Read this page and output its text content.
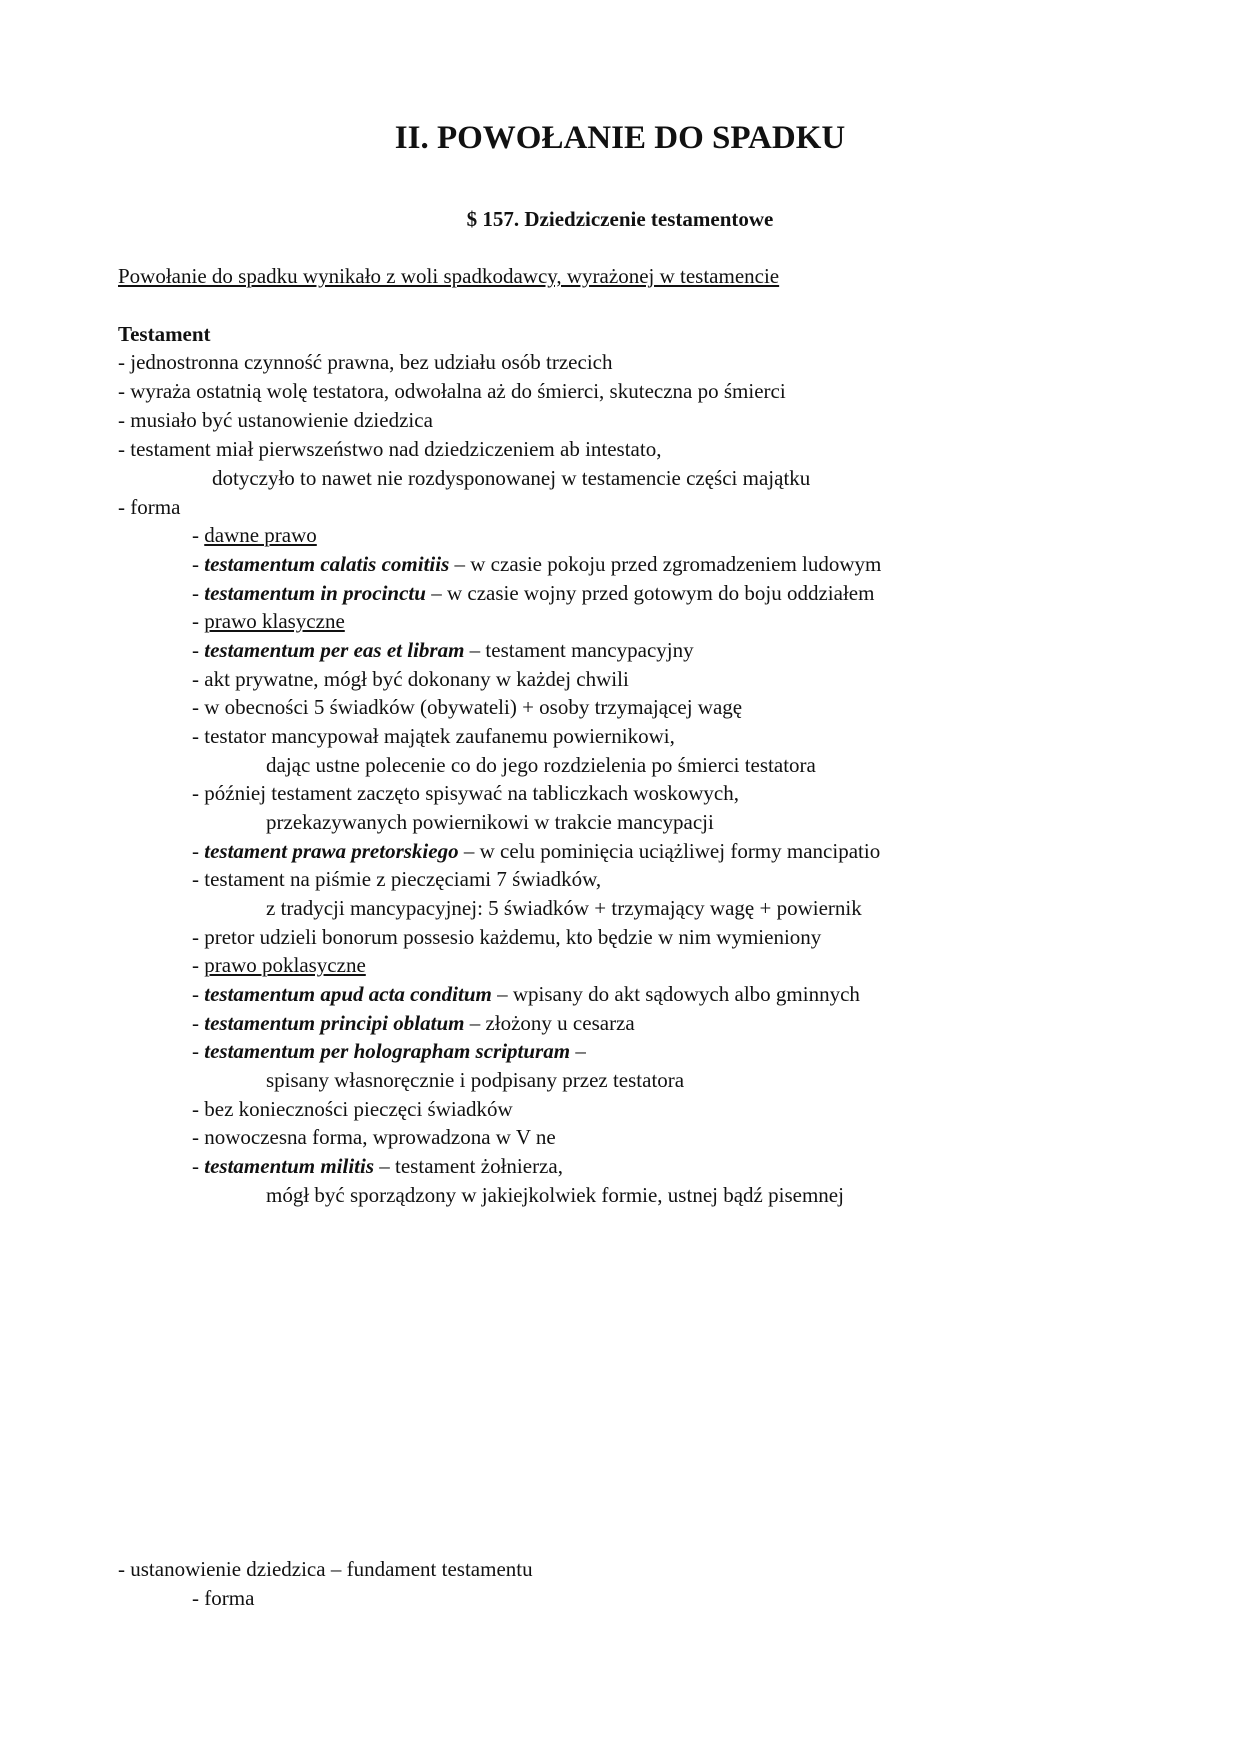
II. POWOŁANIE DO SPADKU
$ 157. Dziedziczenie testamentowe
Powołanie do spadku wynikało z woli spadkodawcy, wyrażonej w testamencie
Testament
- jednostronna czynność prawna, bez udziału osób trzecich
- wyraża ostatnią wolę testatora, odwołalna aż do śmierci, skuteczna po śmierci
- musiało być ustanowienie dziedzica
- testament miał pierwszeństwo nad dziedziczeniem ab intestato,
dotyczyło to nawet nie rozdysponowanej w testamencie części majątku
- forma
- dawne prawo
- testamentum calatis comitiis – w czasie pokoju przed zgromadzeniem ludowym
- testamentum in procinctu – w czasie wojny przed gotowym do boju oddziałem
- prawo klasyczne
- testamentum per eas et libram – testament mancypacyjny
- akt prywatne, mógł być dokonany w każdej chwili
- w obecności 5 świadków (obywateli) + osoby trzymającej wagę
- testator mancypował majątek zaufanemu powiernikowi,
dając ustne polecenie co do jego rozdzielenia po śmierci testatora
- później testament zaczęto spisywać na tabliczkach woskowych,
przekazywanych powiernikowi w trakcie mancypacji
- testament prawa pretorskiego – w celu pominięcia uciążliwej formy mancipatio
- testament na piśmie z pieczęciami 7 świadków,
z tradycji mancypacyjnej: 5 świadków + trzymający wagę + powiernik
- pretor udzieli bonorum possesio każdemu, kto będzie w nim wymieniony
- prawo poklasyczne
- testamentum apud acta conditum – wpisany do akt sądowych albo gminnych
- testamentum principi oblatum – złożony u cesarza
- testamentum per holographam scripturam –
spisany własnoręcznie i podpisany przez testatora
- bez konieczności pieczęci świadków
- nowoczesna forma, wprowadzona w V ne
- testamentum militis – testament żołnierza,
mógł być sporządzony w jakiejkolwiek formie, ustnej bądź pisemnej
- ustanowienie dziedzica – fundament testamentu
- forma
